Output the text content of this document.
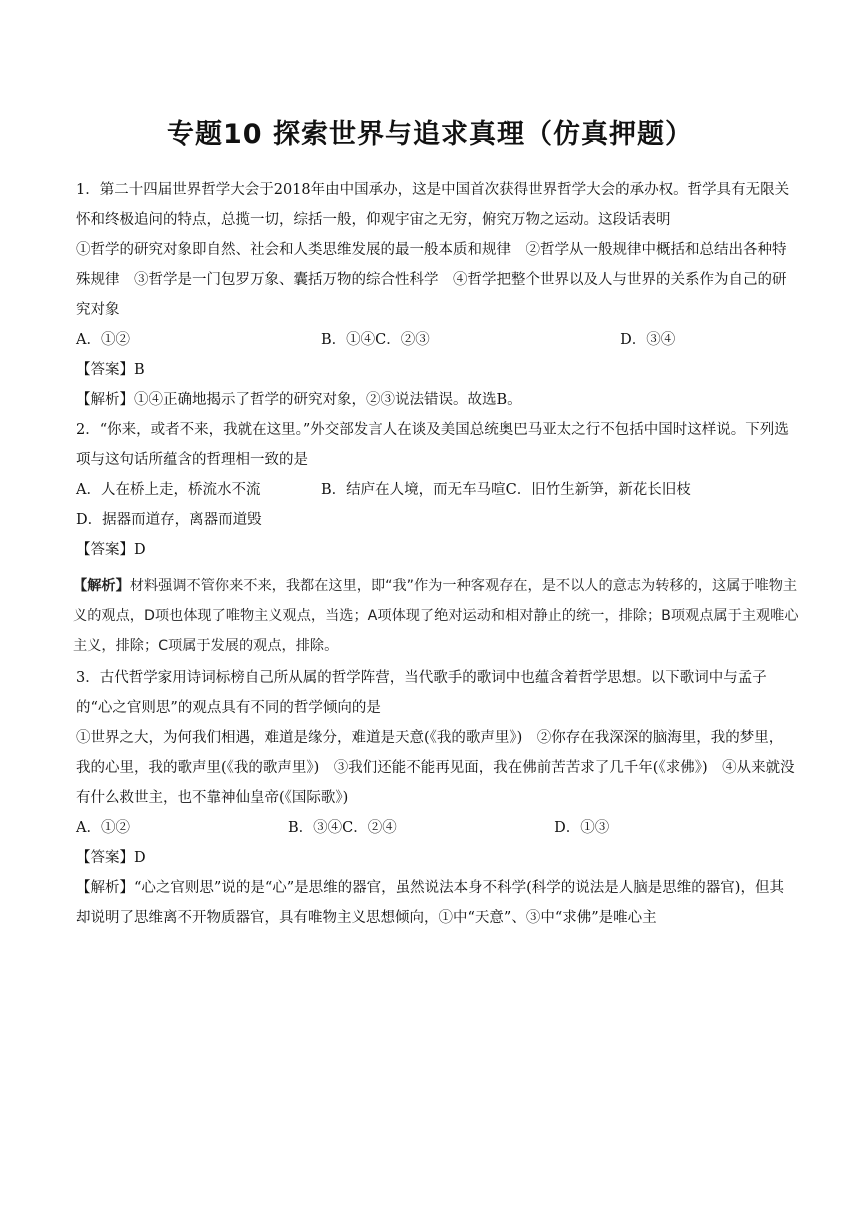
专题10 探索世界与追求真理（仿真押题）

1．第二十四届世界哲学大会于2018年由中国承办，这是中国首次获得世界哲学大会的承办权。哲学具有无限关怀和终极追问的特点，总揽一切，综括一般，仰观宇宙之无穷，俯究万物之运动。这段话表明

①哲学的研究对象即自然、社会和人类思维发展的最一般本质和规律　②哲学从一般规律中概括和总结出各种特殊规律　③哲学是一门包罗万象、囊括万物的综合性科学　④哲学把整个世界以及人与世界的关系作为自己的研究对象

A．①②	B．①④ C．②③	D．③④

【答案】B

【解析】①④正确地揭示了哲学的研究对象，②③说法错误。故选B。

2．“你来，或者不来，我就在这里。”外交部发言人在谈及美国总统奥巴马亚太之行不包括中国时这样说。下列选项与这句话所蕴含的哲理相一致的是

A．人在桥上走，桥流水不流	B．结庐在人境，而无车马喧 C．旧竹生新笋，新花长旧枝
D．据器而道存，离器而道毁

【答案】D

【解析】材料强调不管你来不来，我都在这里，即“我”作为一种客观存在，是不以人的意志为转移的，这属于唯物主义的观点，D项也体现了唯物主义观点，当选；A项体现了绝对运动和相对静止的统一，排除；B项观点属于主观唯心主义，排除；C项属于发展的观点，排除。

3．古代哲学家用诗词标榜自己所从属的哲学阵营，当代歌手的歌词中也蕴含着哲学思想。以下歌词中与孟子的“心之官则思”的观点具有不同的哲学倾向的是

①世界之大，为何我们相遇，难道是缘分，难道是天意(《我的歌声里》)　②你存在我深深的脑海里，我的梦里，我的心里，我的歌声里(《我的歌声里》)　③我们还能不能再见面，我在佛前苦苦求了几千年(《求佛》)　④从来就没有什么救世主，也不靠神仙皇帝(《国际歌》)

A．①②	B．③④ C．②④	D．①③

【答案】D

【解析】“心之官则思”说的是“心”是思维的器官，虽然说法本身不科学(科学的说法是人脑是思维的器官)，但其却说明了思维离不开物质器官，具有唯物主义思想倾向，①中“天意”、③中“求佛”是唯心主
